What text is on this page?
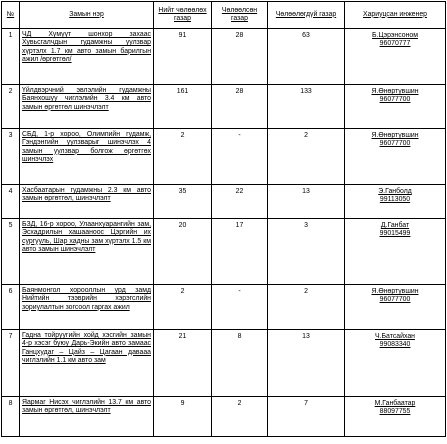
№	Замын нэр	Нийт чөлөөлөх газар	Чөлөөлсөн газар	Чөлөөлөгдүй газар	Хариуцсан инженер
1	ЧД Хүмүүт шонхор захаас Хувьсгалчдын гудамжны уулзвар хүртэлх 1.7 км авто замын барилгын ажил /өргөтгөл/	91	28	63	Б.Цэрэнсоном
96070777

2	Үйлдвэрчний эвлэлийн гудамжны Баянхошуу чиглэлийн 3.4 км авто замын өргөтгөл шинэчлэлт	161	28	133	Я.Өнөртүвшин
96077700

3	СБД, 1-р хороо, Олимпийн гудамж, Гэндэнгийн уулзварыг шинэчлэх 4 замын уулзвар болгож өргөтгөх шинэчлэх	2	-	2	Я.Өнөртүвшин
96077700

4	Хасбаатарын гудамжны 2.3 км авто замын өргөтгөл, шинэчлэлт	35	22	13	Э.Ганболд
99113050

5	БЗД, 16-р хороо, Улаанхуарангийн зам, Эсхадрилын хашааноос Цэргийн их сургууль, Шар хадны зам хүртэлх 1.5 км авто замын шинэчлэлт	20	17	3	Д.Ганбат
99015499

6	Баянмонгол хорооллын урд замд Нийтийн тээврийн хэрэгслийн зориулалтын зогсоол гаргах ажил	2	-	2	Я.Өнөртүвшин
96077700

7	Гадна тойруугийн хойд хэсгийн замын 4-р хэсэг буюу Дарь-Экийн авто замаас Ганцхудаг – Цайз – Цагаан давааа чиглэлийн 1.1 км авто зам	21	8	13	Ч.Батсайхан
99083340

8	Яармаг Нисэх чиглэлийн 13.7 км авто замын өргөтгөл, шинэчлэлт	9	2	7	М.Ганбаатар
88097755
